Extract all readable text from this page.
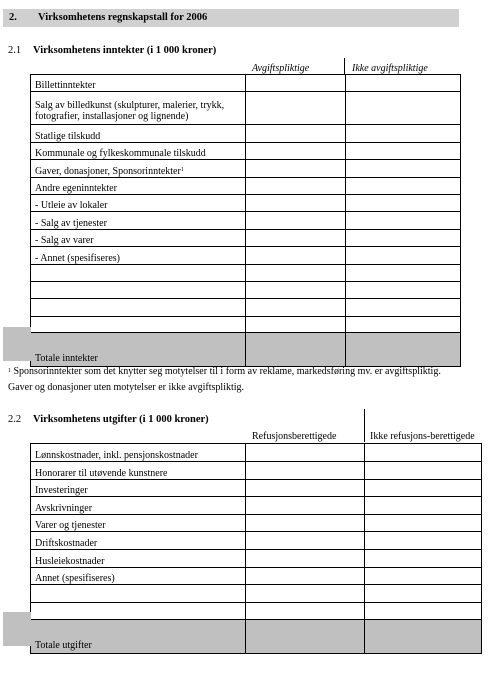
2. Virksomhetens regnskapstall for 2006
2.1 Virksomhetens inntekter (i 1 000 kroner)
Avgiftspliktige	Ikke avgiftspliktige
Billettinntekter		
Salg av billedkunst (skulpturer, malerier, trykk, fotografier, installasjoner og lignende)		
Statlige tilskudd		
Kommunale og fylkeskommunale tilskudd		
Gaver, donasjoner, Sponsorinntekter$^1$		
Andre egeninntekter		
- Utleie av lokaler		
- Salg av tjenester		
- Salg av varer		
- Annet (spesifiseres)		

Totale inntekter		
$^1$ Sponsorinntekter som det knytter seg motytelser til i form av reklame, markedsføring mv. er avgiftspliktig.
Gaver og donasjoner uten motytelser er ikke avgiftspliktig.
2.2 Virksomhetens utgifter (i 1 000 kroner)
Refusjonsberettigede	Ikke refusjons-berettigede
Lønnskostnader, inkl. pensjonskostnader		
Honorarer til utøvende kunstnere		
Investeringer		
Avskrivninger		
Varer og tjenester		
Driftskostnader		
Husleiekostnader		
Annet (spesifiseres)		

Totale utgifter		
